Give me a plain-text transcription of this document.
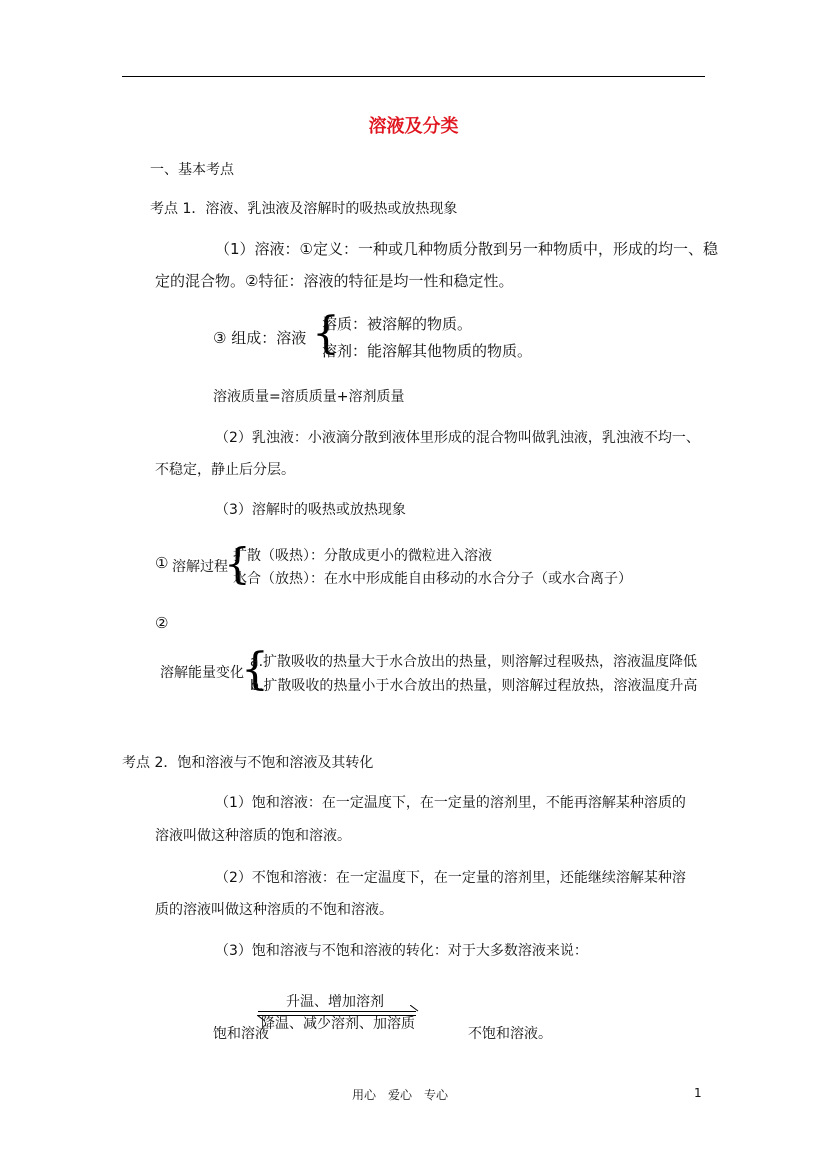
溶液及分类
一、基本考点
考点 1．溶液、乳浊液及溶解时的吸热或放热现象
（1）溶液：①定义：一种或几种物质分散到另一种物质中，形成的均一、稳
定的混合物。②特征：溶液的特征是均一性和稳定性。
③ 组成：溶液 {
溶质：被溶解的物质。
溶剂：能溶解其他物质的物质。
溶液质量=溶质质量+溶剂质量
（2）乳浊液：小液滴分散到液体里形成的混合物叫做乳浊液，乳浊液不均一、
不稳定，静止后分层。
（3）溶解时的吸热或放热现象
① 溶解过程
{
扩散（吸热）：分散成更小的微粒进入溶液
水合（放热）：在水中形成能自由移动的水合分子（或水合离子）
②
溶解能量变化
{
a.扩散吸收的热量大于水合放出的热量，则溶解过程吸热，溶液温度降低
b.扩散吸收的热量小于水合放出的热量，则溶解过程放热，溶液温度升高
考点 2．饱和溶液与不饱和溶液及其转化
（1）饱和溶液：在一定温度下，在一定量的溶剂里，不能再溶解某种溶质的
溶液叫做这种溶质的饱和溶液。
（2）不饱和溶液：在一定温度下，在一定量的溶剂里，还能继续溶解某种溶
质的溶液叫做这种溶质的不饱和溶液。
（3）饱和溶液与不饱和溶液的转化：对于大多数溶液来说：
升温、增加溶剂
降温、减少溶剂、加溶质
饱和溶液	不饱和溶液。
用心　爱心　专心	1
